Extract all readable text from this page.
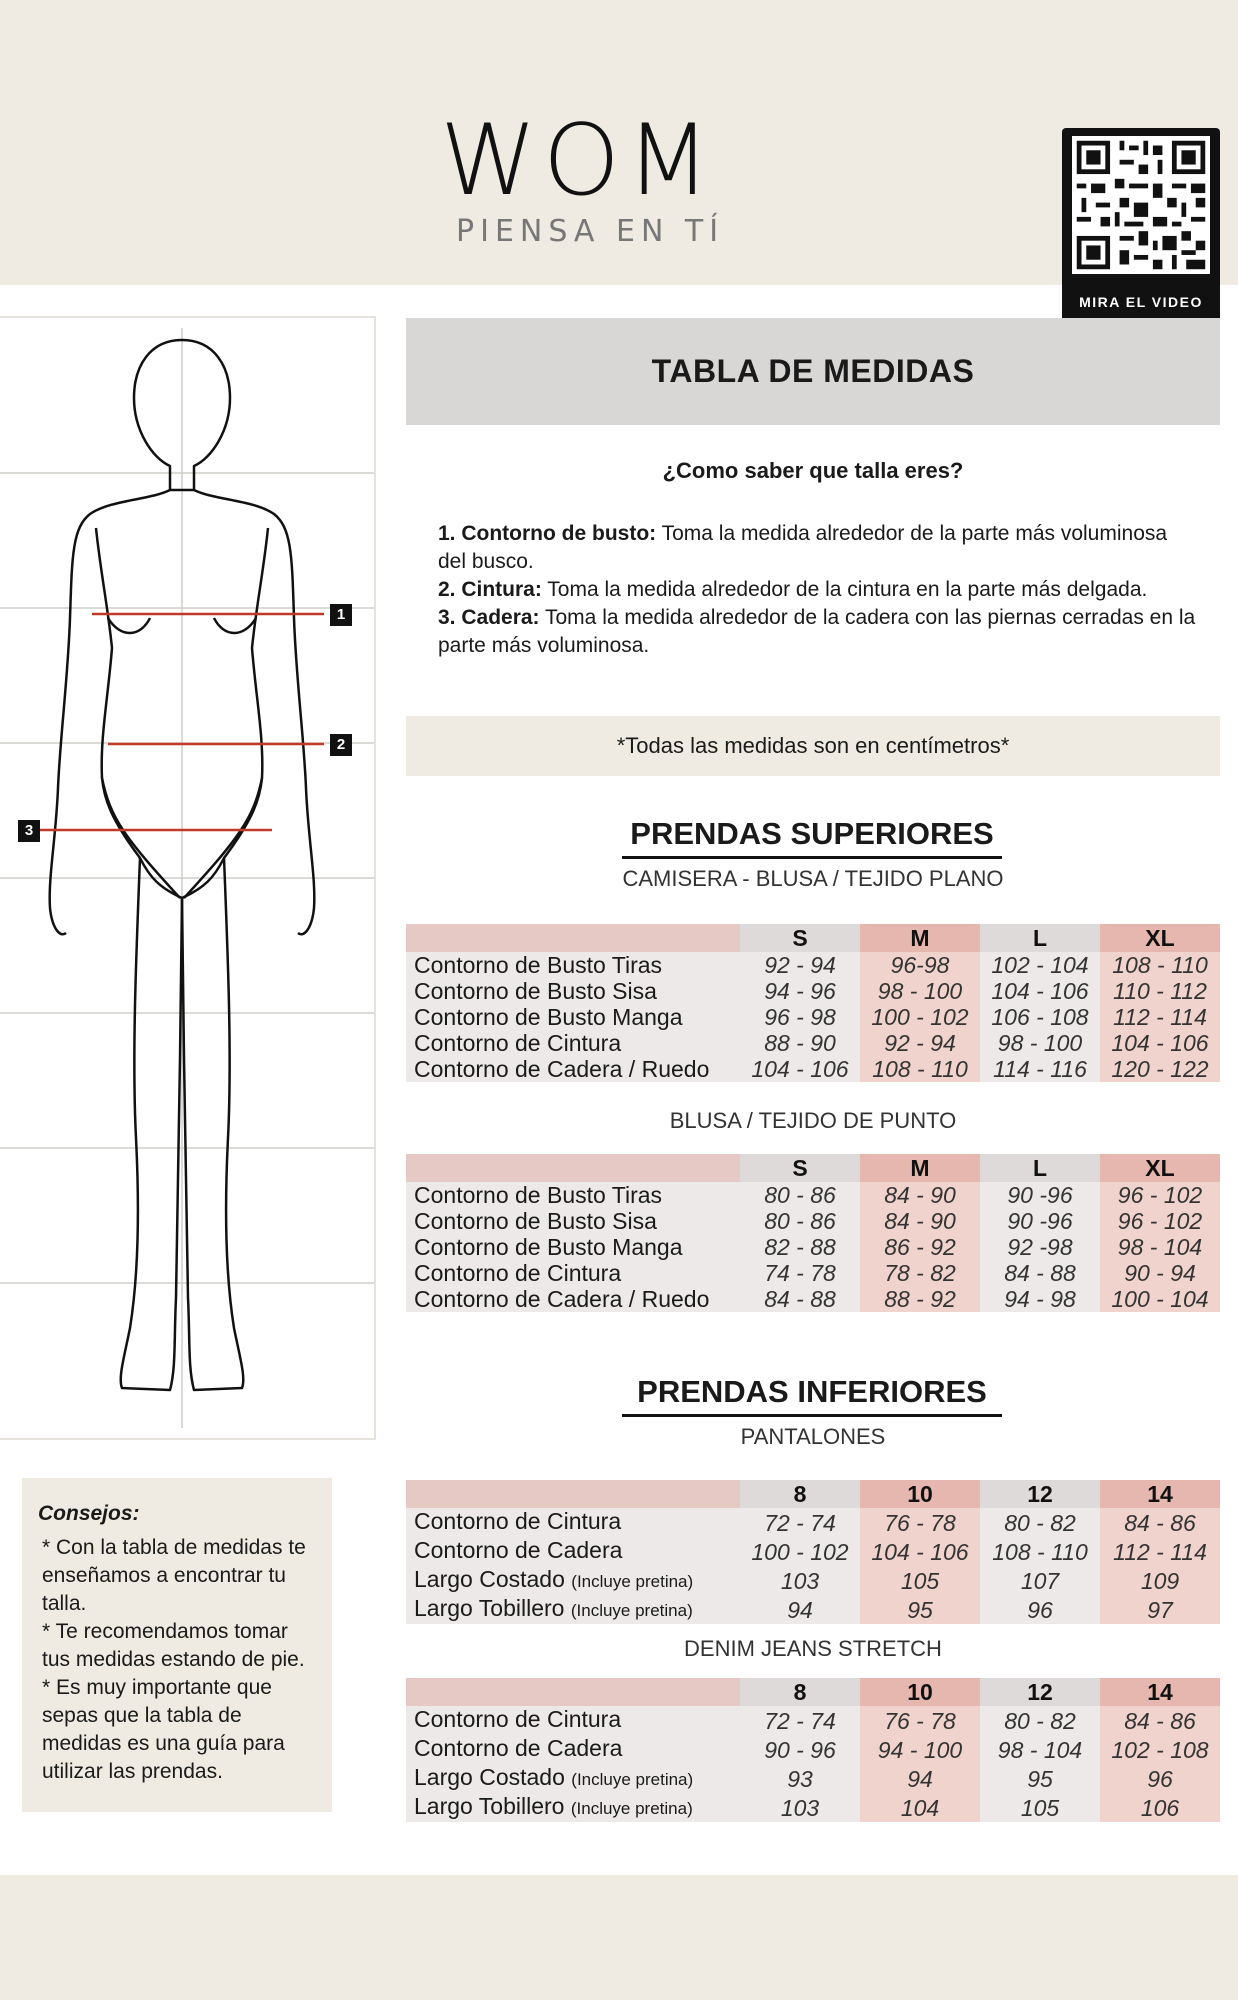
WOM
PIENSA EN TÍ
MIRA EL VIDEO
1
2
3
TABLA DE MEDIDAS
¿Como saber que talla eres?

1. Contorno de busto: Toma la medida alrededor de la parte más voluminosa del busco.

2. Cintura: Toma la medida alrededor de la cintura en la parte más delgada.

3. Cadera: Toma la medida alrededor de la cadera con las piernas cerradas en la parte más voluminosa.

*Todas las medidas son en centímetros*
PRENDAS SUPERIORES
CAMISERA - BLUSA / TEJIDO PLANO
	S	M	L	XL
Contorno de Busto Tiras	92 - 94	96-98	102 - 104	108 - 110
Contorno de Busto Sisa	94 - 96	98 - 100	104 - 106	110 - 112
Contorno de Busto Manga	96 - 98	100 - 102	106 - 108	112 - 114
Contorno de Cintura	88 - 90	92 - 94	98 - 100	104 - 106
Contorno de Cadera / Ruedo	104 - 106	108 - 110	114 - 116	120 - 122
BLUSA / TEJIDO DE PUNTO
	S	M	L	XL
Contorno de Busto Tiras	80 - 86	84 - 90	90 -96	96 - 102
Contorno de Busto Sisa	80 - 86	84 - 90	90 -96	96 - 102
Contorno de Busto Manga	82 - 88	86 - 92	92 -98	98 - 104
Contorno de Cintura	74 - 78	78 - 82	84 - 88	90 - 94
Contorno de Cadera / Ruedo	84 - 88	88 - 92	94 - 98	100 - 104
PRENDAS INFERIORES
PANTALONES
	8	10	12	14
Contorno de Cintura	72 - 74	76 - 78	80 - 82	84 - 86
Contorno de Cadera	100 - 102	104 - 106	108 - 110	112 - 114
Largo Costado (Incluye pretina)	103	105	107	109
Largo Tobillero (Incluye pretina)	94	95	96	97
DENIM JEANS STRETCH
	8	10	12	14
Contorno de Cintura	72 - 74	76 - 78	80 - 82	84 - 86
Contorno de Cadera	90 - 96	94 - 100	98 - 104	102 - 108
Largo Costado (Incluye pretina)	93	94	95	96
Largo Tobillero (Incluye pretina)	103	104	105	106
Consejos:

* Con la tabla de medidas te enseñamos a encontrar tu talla.

* Te recomendamos tomar tus medidas estando de pie.

* Es muy importante que sepas que la tabla de medidas es una guía para utilizar las prendas.
